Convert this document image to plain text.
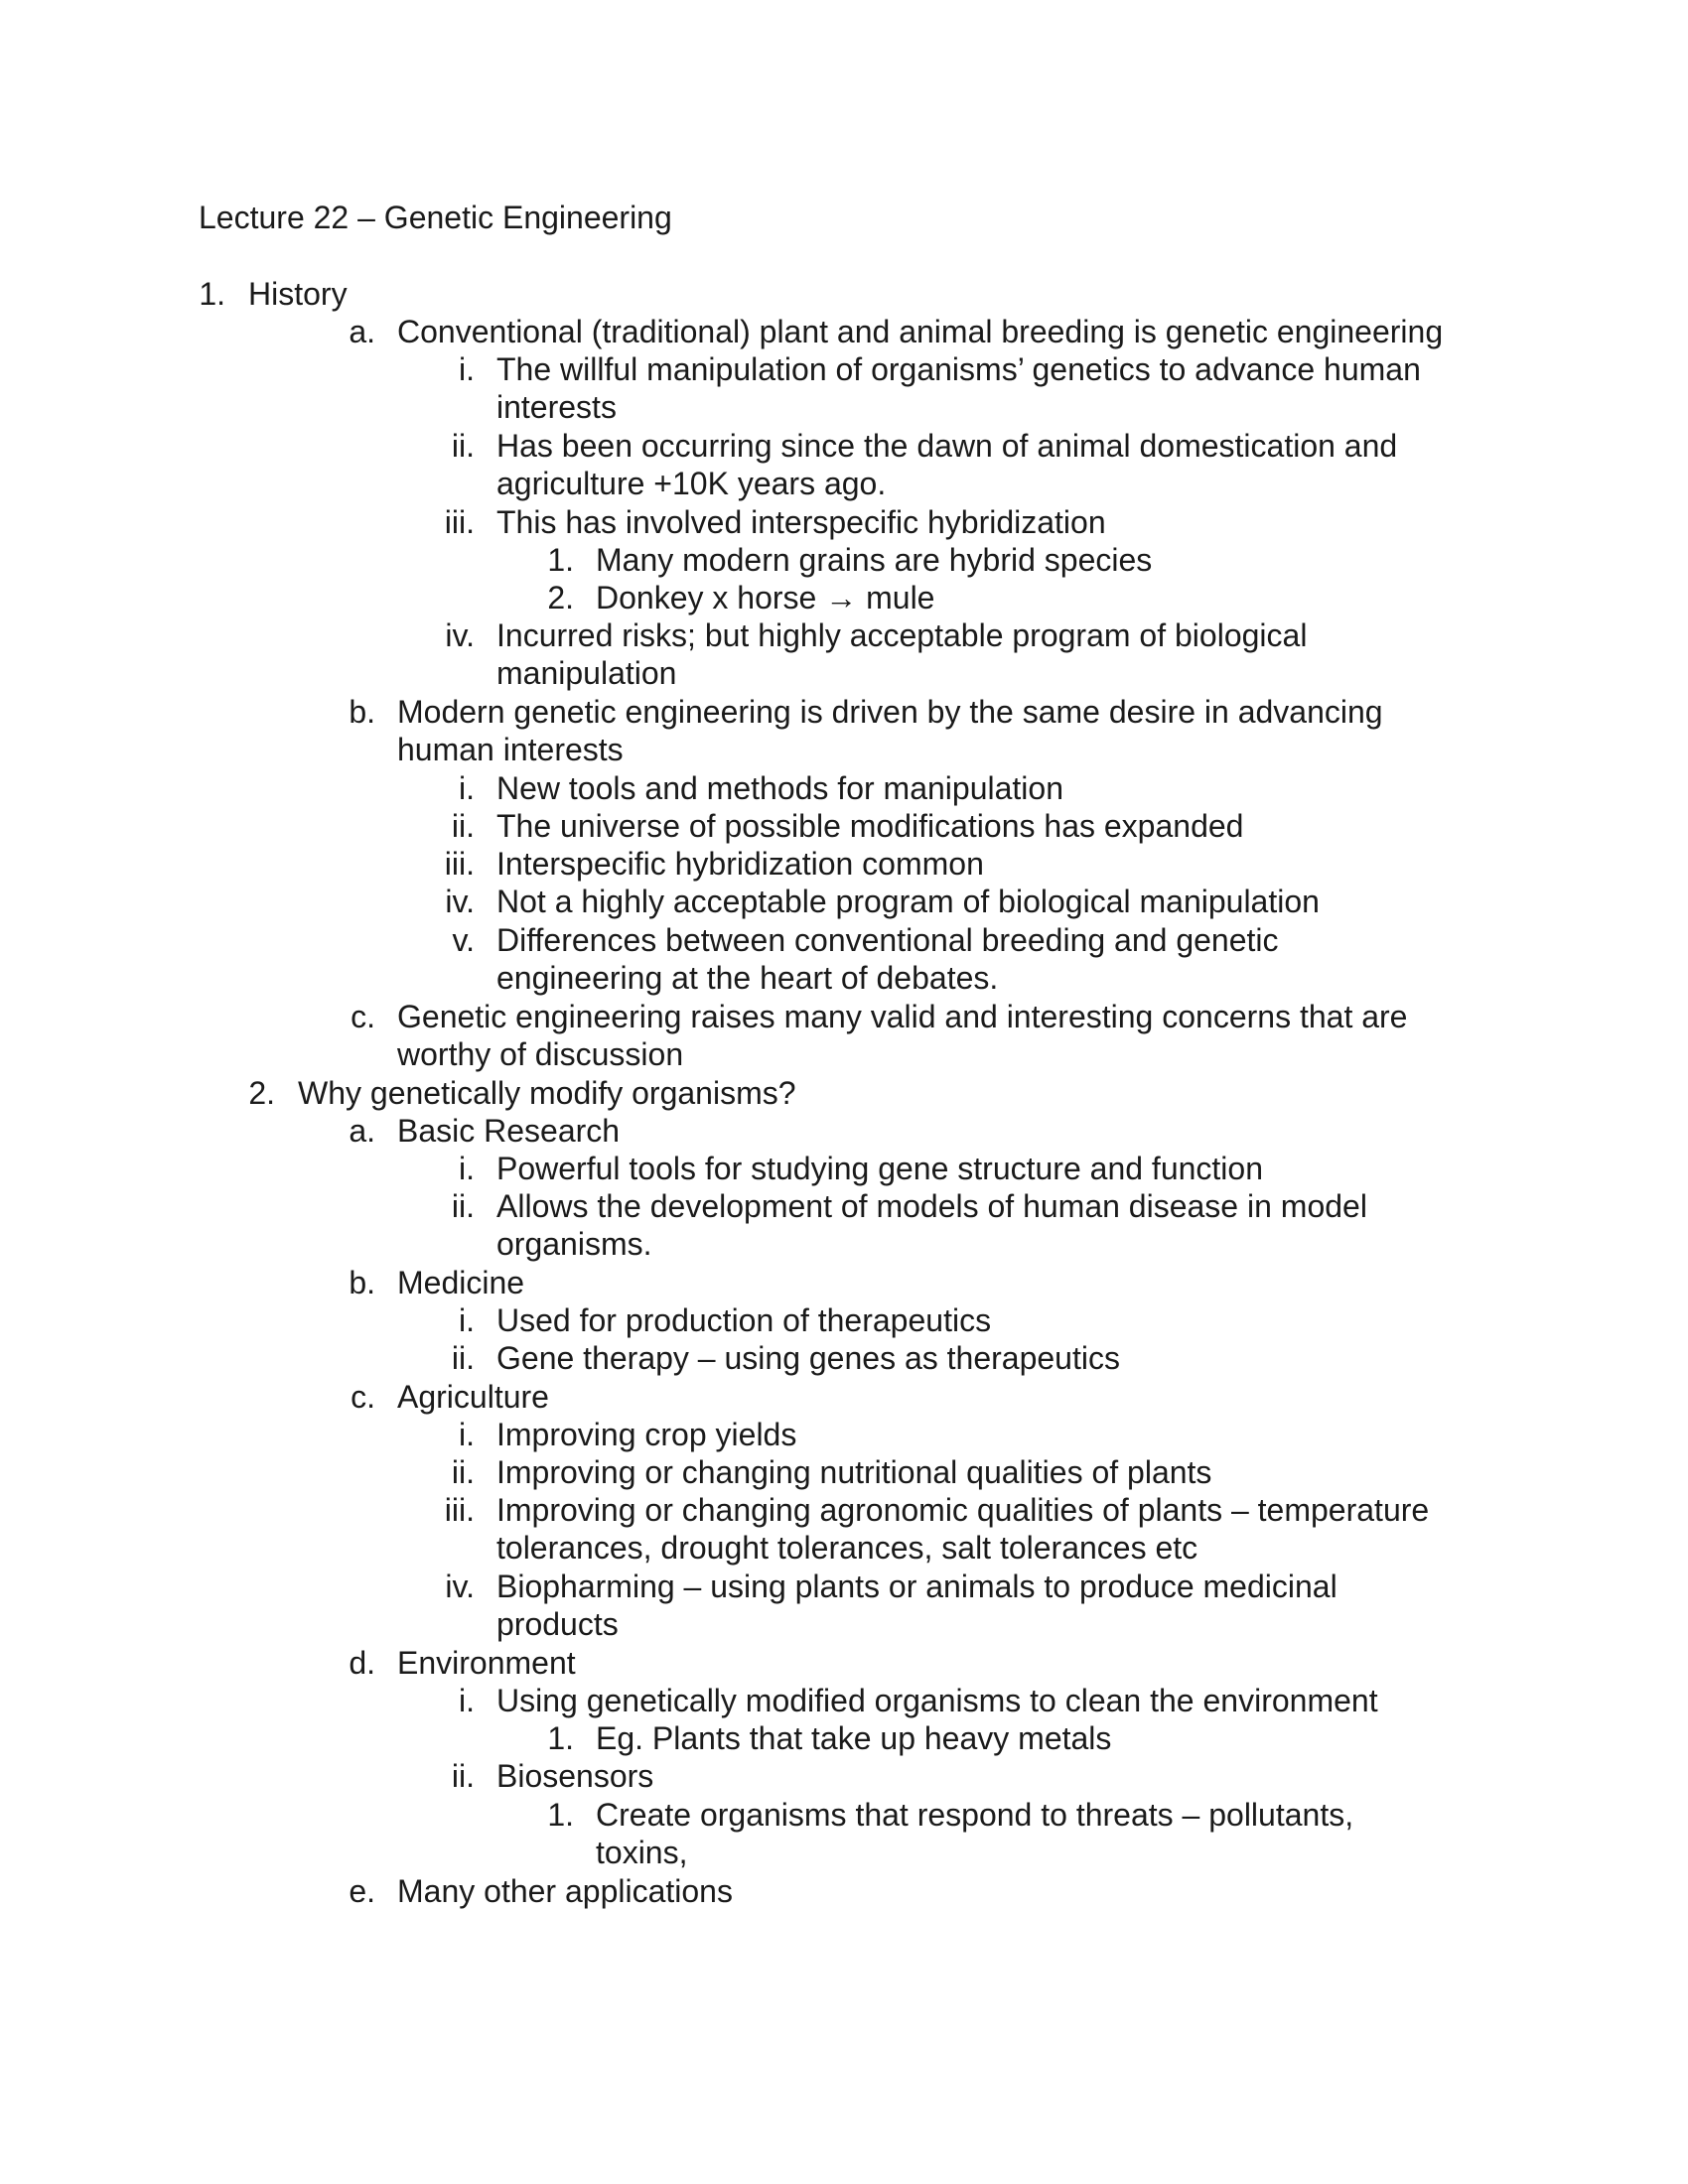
Lecture 22 – Genetic Engineering
1. History
a. Conventional (traditional) plant and animal breeding is genetic engineering
i. The willful manipulation of organisms’ genetics to advance human
interests
ii. Has been occurring since the dawn of animal domestication and
agriculture +10K years ago.
iii. This has involved interspecific hybridization
1. Many modern grains are hybrid species
2. Donkey x horse → mule
iv. Incurred risks; but highly acceptable program of biological
manipulation
b. Modern genetic engineering is driven by the same desire in advancing
human interests
i. New tools and methods for manipulation
ii. The universe of possible modifications has expanded
iii. Interspecific hybridization common
iv. Not a highly acceptable program of biological manipulation
v. Differences between conventional breeding and genetic
engineering at the heart of debates.
c. Genetic engineering raises many valid and interesting concerns that are
worthy of discussion
2. Why genetically modify organisms?
a. Basic Research
i. Powerful tools for studying gene structure and function
ii. Allows the development of models of human disease in model
organisms.
b. Medicine
i. Used for production of therapeutics
ii. Gene therapy – using genes as therapeutics
c. Agriculture
i. Improving crop yields
ii. Improving or changing nutritional qualities of plants
iii. Improving or changing agronomic qualities of plants – temperature
tolerances, drought tolerances, salt tolerances etc
iv. Biopharming – using plants or animals to produce medicinal
products
d. Environment
i. Using genetically modified organisms to clean the environment
1. Eg. Plants that take up heavy metals
ii. Biosensors
1. Create organisms that respond to threats – pollutants,
toxins,
e. Many other applications
